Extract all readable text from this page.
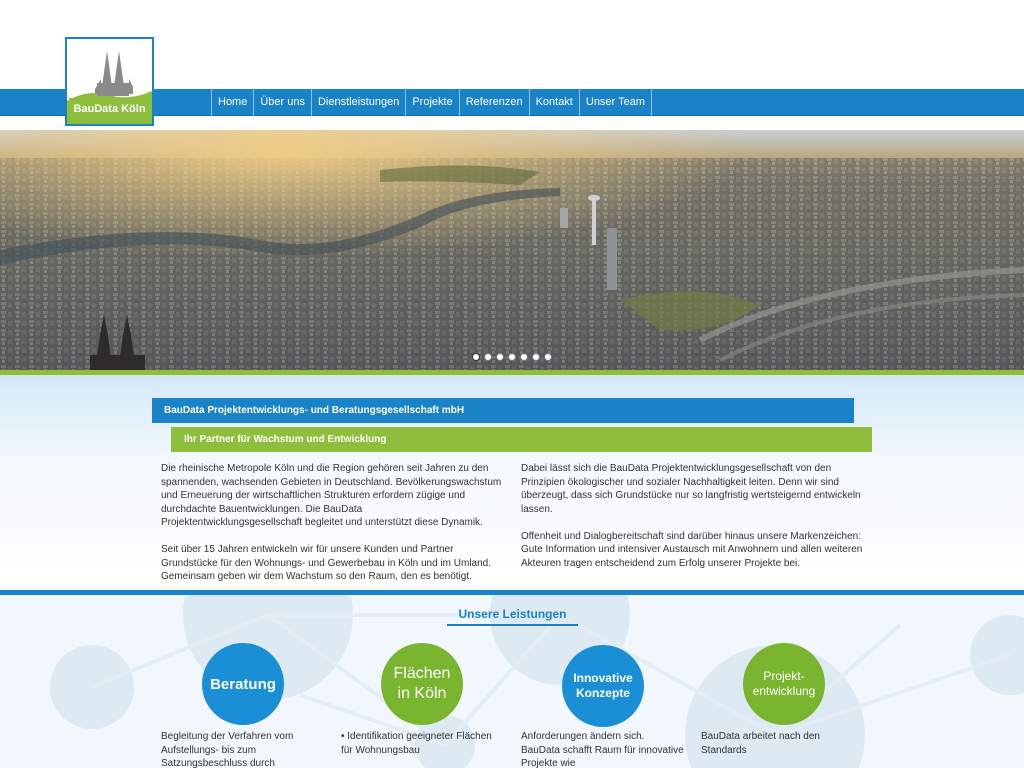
Home	Über uns	Dienstleistungen	Projekte	Referenzen	Kontakt	Unser Team
BauData Köln
BauData Projektentwicklungs- und Beratungsgesellschaft mbH
Ihr Partner für Wachstum und Entwicklung

Die rheinische Metropole Köln und die Region gehören seit Jahren zu den spannenden, wachsenden Gebieten in Deutschland. Bevölkerungswachstum und Erneuerung der wirtschaftlichen Strukturen erfordern zügige und durchdachte Bauentwicklungen. Die BauData Projektentwicklungsgesellschaft begleitet und unterstützt diese Dynamik.

Seit über 15 Jahren entwickeln wir für unsere Kunden und Partner Grundstücke für den Wohnungs- und Gewerbebau in Köln und im Umland. Gemeinsam geben wir dem Wachstum so den Raum, den es benötigt.

Dabei lässt sich die BauData Projektentwicklungsgesellschaft von den Prinzipien ökologischer und sozialer Nachhaltigkeit leiten. Denn wir sind überzeugt, dass sich Grundstücke nur so langfristig wertsteigernd entwickeln lassen.

Offenheit und Dialogbereitschaft sind darüber hinaus unsere Markenzeichen: Gute Information und intensiver Austausch mit Anwohnern und allen weiteren Akteuren tragen entscheidend zum Erfolg unserer Projekte bei.

Unsere Leistungen
Beratung
Flächen
in Köln
Innovative
Konzepte
Projekt-
entwicklung
Begleitung der Verfahren vom Aufstellungs- bis zum Satzungsbeschluss durch
• Identifikation geeigneter Flächen für Wohnungsbau
Anforderungen ändern sich. BauData schafft Raum für innovative Projekte wie
BauData arbeitet nach den Standards
